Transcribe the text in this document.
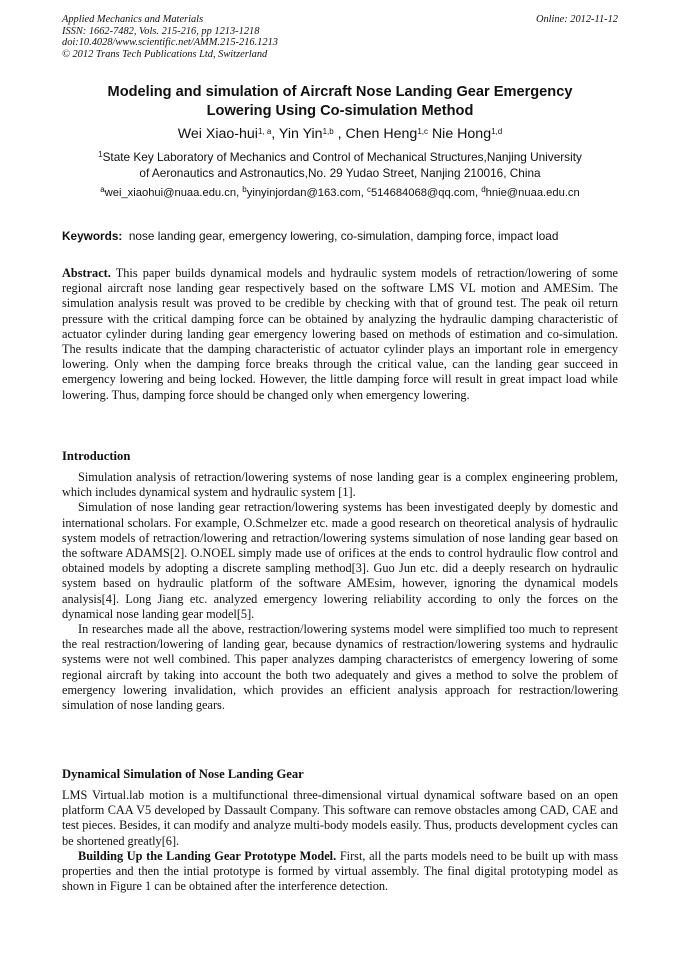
Applied Mechanics and Materials
ISSN: 1662-7482, Vols. 215-216, pp 1213-1218
doi:10.4028/www.scientific.net/AMM.215-216.1213
© 2012 Trans Tech Publications Ltd, Switzerland
Online: 2012-11-12
Modeling and simulation of Aircraft Nose Landing Gear Emergency
Lowering Using Co-simulation Method
Wei Xiao-hui$^{1, a}$, Yin Yin$^{1,b}$ , Chen Heng$^{1,c}$ Nie Hong$^{1,d}$
$^1$State Key Laboratory of Mechanics and Control of Mechanical Structures,Nanjing University
of Aeronautics and Astronautics,No. 29 Yudao Street, Nanjing 210016, China
$^a$wei_xiaohui@nuaa.edu.cn, $^b$yinyinjordan@163.com, $^c$514684068@qq.com, $^d$hnie@nuaa.edu.cn
Keywords: nose landing gear, emergency lowering, co-simulation, damping force, impact load
Abstract. This paper builds dynamical models and hydraulic system models of retraction/lowering of some regional aircraft nose landing gear respectively based on the software LMS VL motion and AMESim. The simulation analysis result was proved to be credible by checking with that of ground test. The peak oil return pressure with the critical damping force can be obtained by analyzing the hydraulic damping characteristic of actuator cylinder during landing gear emergency lowering based on methods of estimation and co-simulation. The results indicate that the damping characteristic of actuator cylinder plays an important role in emergency lowering. Only when the damping force breaks through the critical value, can the landing gear succeed in emergency lowering and being locked. However, the little damping force will result in great impact load while lowering. Thus, damping force should be changed only when emergency lowering.
Introduction

Simulation analysis of retraction/lowering systems of nose landing gear is a complex engineering problem, which includes dynamical system and hydraulic system [1].

Simulation of nose landing gear retraction/lowering systems has been investigated deeply by domestic and international scholars. For example, O.Schmelzer etc. made a good research on theoretical analysis of hydraulic system models of retraction/lowering and retraction/lowering systems simulation of nose landing gear based on the software ADAMS[2]. O.NOEL simply made use of orifices at the ends to control hydraulic flow control and obtained models by adopting a discrete sampling method[3]. Guo Jun etc. did a deeply research on hydraulic system based on hydraulic platform of the software AMEsim, however, ignoring the dynamical models analysis[4]. Long Jiang etc. analyzed emergency lowering reliability according to only the forces on the dynamical nose landing gear model[5].

In researches made all the above, restraction/lowering systems model were simplified too much to represent the real restraction/lowering of landing gear, because dynamics of restraction/lowering systems and hydraulic systems were not well combined. This paper analyzes damping characteristcs of emergency lowering of some regional aircraft by taking into account the both two adequately and gives a method to solve the problem of emergency lowering invalidation, which provides an efficient analysis approach for restraction/lowering simulation of nose landing gears.

Dynamical Simulation of Nose Landing Gear

LMS Virtual.lab motion is a multifunctional three-dimensional virtual dynamical software based on an open platform CAA V5 developed by Dassault Company. This software can remove obstacles among CAD, CAE and test pieces. Besides, it can modify and analyze multi-body models easily. Thus, products development cycles can be shortened greatly[6].

Building Up the Landing Gear Prototype Model. First, all the parts models need to be built up with mass properties and then the intial prototype is formed by virtual assembly. The final digital prototyping model as shown in Figure 1 can be obtained after the interference detection.
